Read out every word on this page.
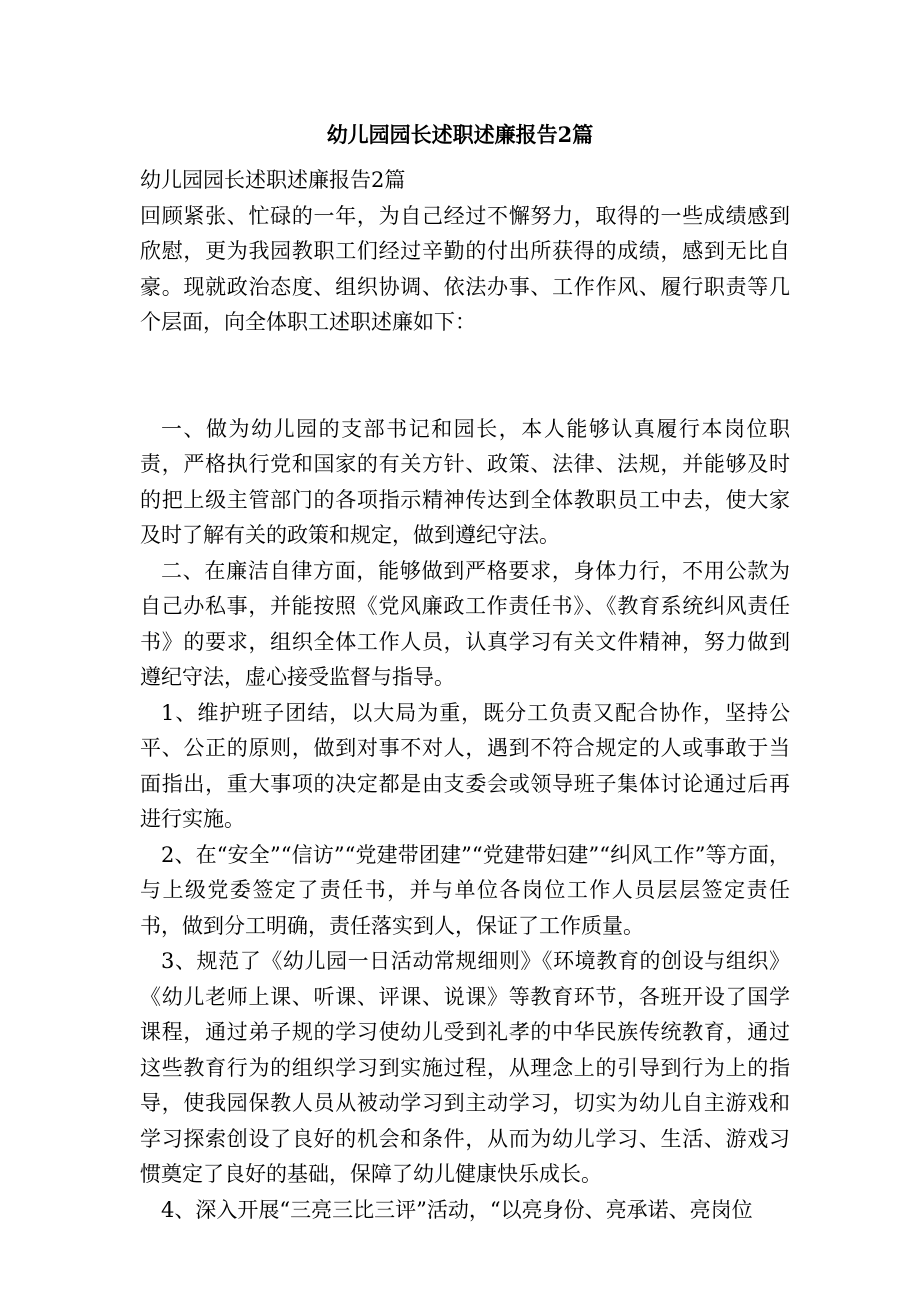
幼儿园园长述职述廉报告2篇

幼儿园园长述职述廉报告2篇

回顾紧张、忙碌的一年，为自己经过不懈努力，取得的一些成绩感到欣慰，更为我园教职工们经过辛勤的付出所获得的成绩，感到无比自豪。现就政治态度、组织协调、依法办事、工作作风、履行职责等几个层面，向全体职工述职述廉如下：

一、做为幼儿园的支部书记和园长，本人能够认真履行本岗位职责，严格执行党和国家的有关方针、政策、法律、法规，并能够及时的把上级主管部门的各项指示精神传达到全体教职员工中去，使大家及时了解有关的政策和规定，做到遵纪守法。

二、在廉洁自律方面，能够做到严格要求，身体力行，不用公款为自己办私事，并能按照《党风廉政工作责任书》、《教育系统纠风责任书》的要求，组织全体工作人员，认真学习有关文件精神，努力做到遵纪守法，虚心接受监督与指导。

1、维护班子团结，以大局为重，既分工负责又配合协作，坚持公平、公正的原则，做到对事不对人，遇到不符合规定的人或事敢于当面指出，重大事项的决定都是由支委会或领导班子集体讨论通过后再进行实施。

2、在“安全”“信访”“党建带团建”“党建带妇建”“纠风工作”等方面，与上级党委签定了责任书，并与单位各岗位工作人员层层签定责任书，做到分工明确，责任落实到人，保证了工作质量。

3、规范了《幼儿园一日活动常规细则》《环境教育的创设与组织》《幼儿老师上课、听课、评课、说课》等教育环节，各班开设了国学课程，通过弟子规的学习使幼儿受到礼孝的中华民族传统教育，通过这些教育行为的组织学习到实施过程，从理念上的引导到行为上的指导，使我园保教人员从被动学习到主动学习，切实为幼儿自主游戏和学习探索创设了良好的机会和条件，从而为幼儿学习、生活、游戏习惯奠定了良好的基础，保障了幼儿健康快乐成长。

4、深入开展“三亮三比三评”活动，“以亮身份、亮承诺、亮岗位
